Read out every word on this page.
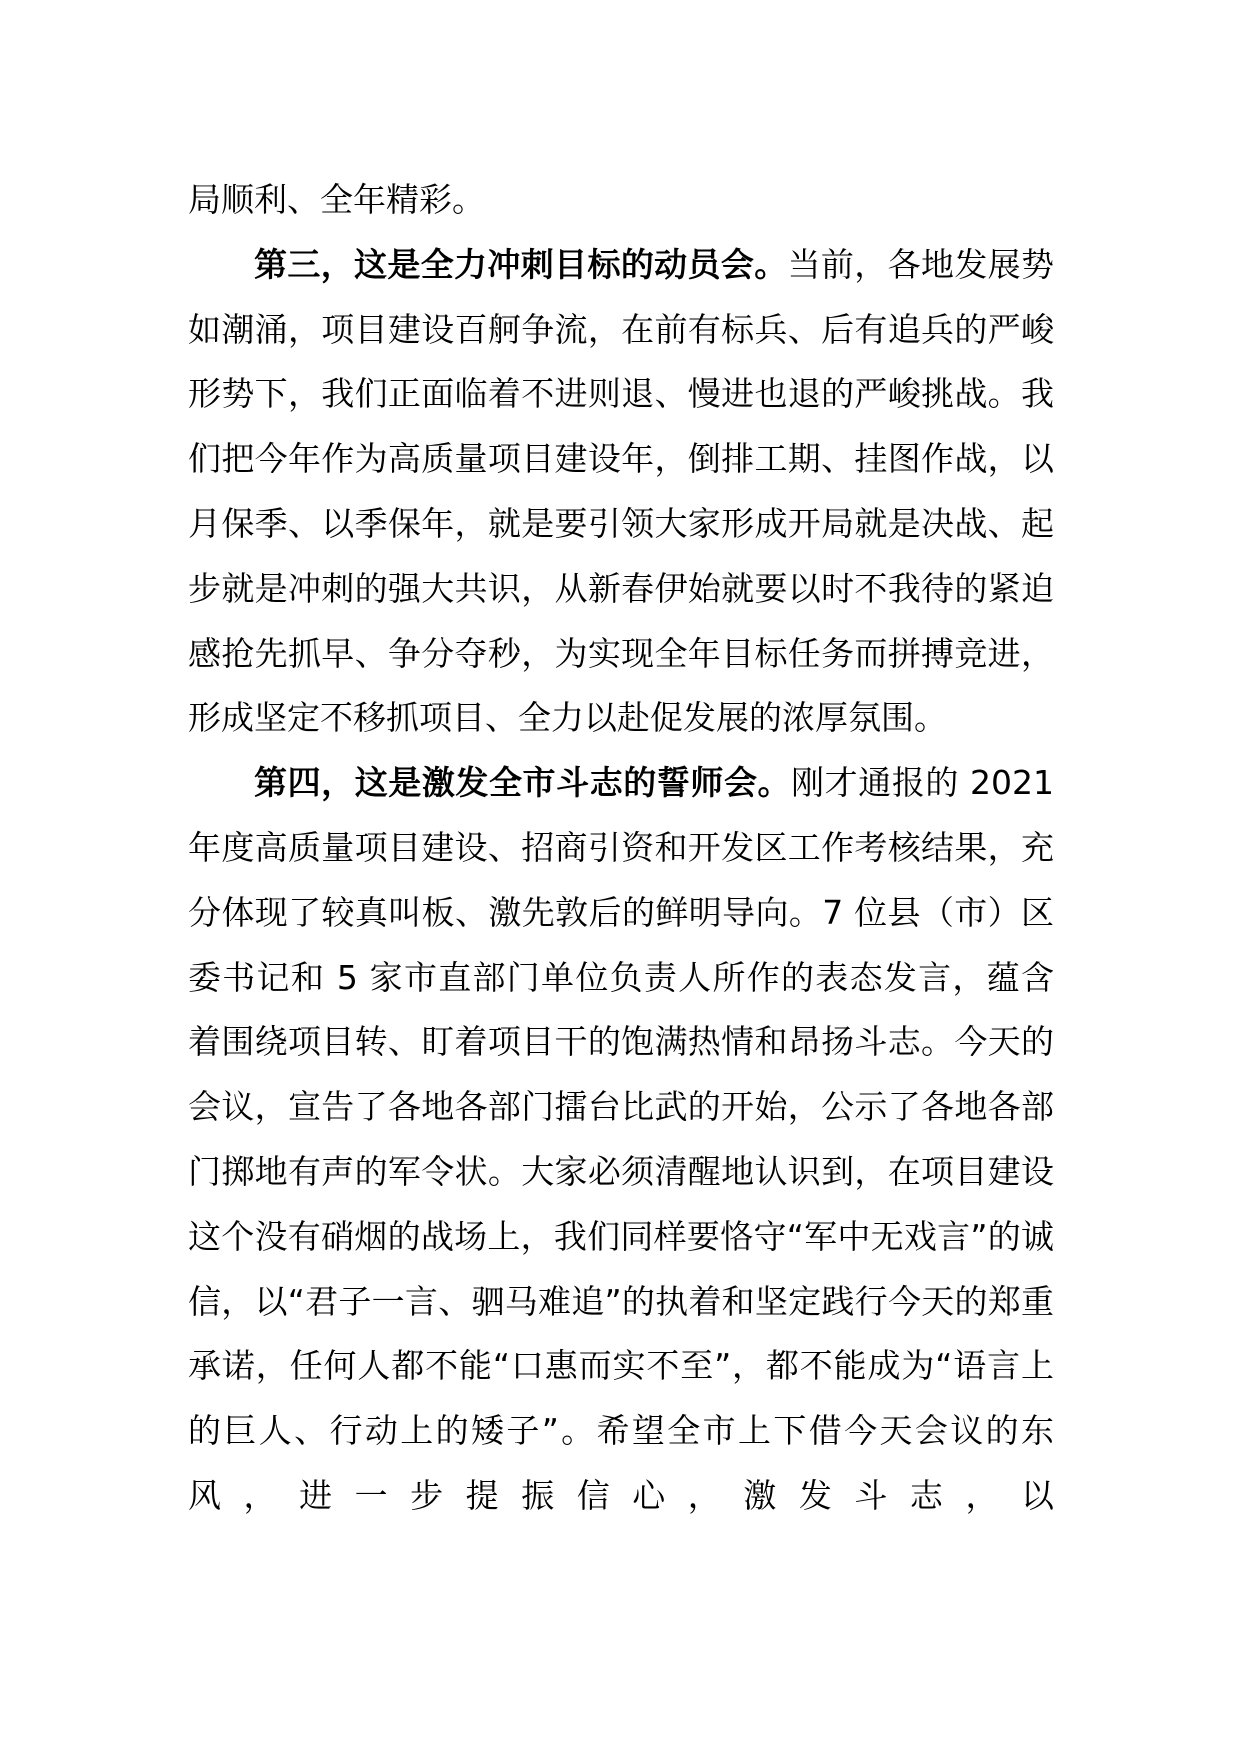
局顺利、全年精彩。

第三，这是全力冲刺目标的动员会。当前，各地发展势如潮涌，项目建设百舸争流，在前有标兵、后有追兵的严峻形势下，我们正面临着不进则退、慢进也退的严峻挑战。我们把今年作为高质量项目建设年，倒排工期、挂图作战，以月保季、以季保年，就是要引领大家形成开局就是决战、起步就是冲刺的强大共识，从新春伊始就要以时不我待的紧迫感抢先抓早、争分夺秒，为实现全年目标任务而拼搏竞进，形成坚定不移抓项目、全力以赴促发展的浓厚氛围。

第四，这是激发全市斗志的誓师会。刚才通报的 2021 年度高质量项目建设、招商引资和开发区工作考核结果，充分体现了较真叫板、激先敦后的鲜明导向。7 位县（市）区委书记和 5 家市直部门单位负责人所作的表态发言，蕴含着围绕项目转、盯着项目干的饱满热情和昂扬斗志。今天的会议，宣告了各地各部门擂台比武的开始，公示了各地各部门掷地有声的军令状。大家必须清醒地认识到，在项目建设这个没有硝烟的战场上，我们同样要恪守“军中无戏言”的诚信，以“君子一言、驷马难追”的执着和坚定践行今天的郑重承诺，任何人都不能“口惠而实不至”，都不能成为“语言上的巨人、行动上的矮子”。希望全市上下借今天会议的东风，进一步提振信心，激发斗志，以
